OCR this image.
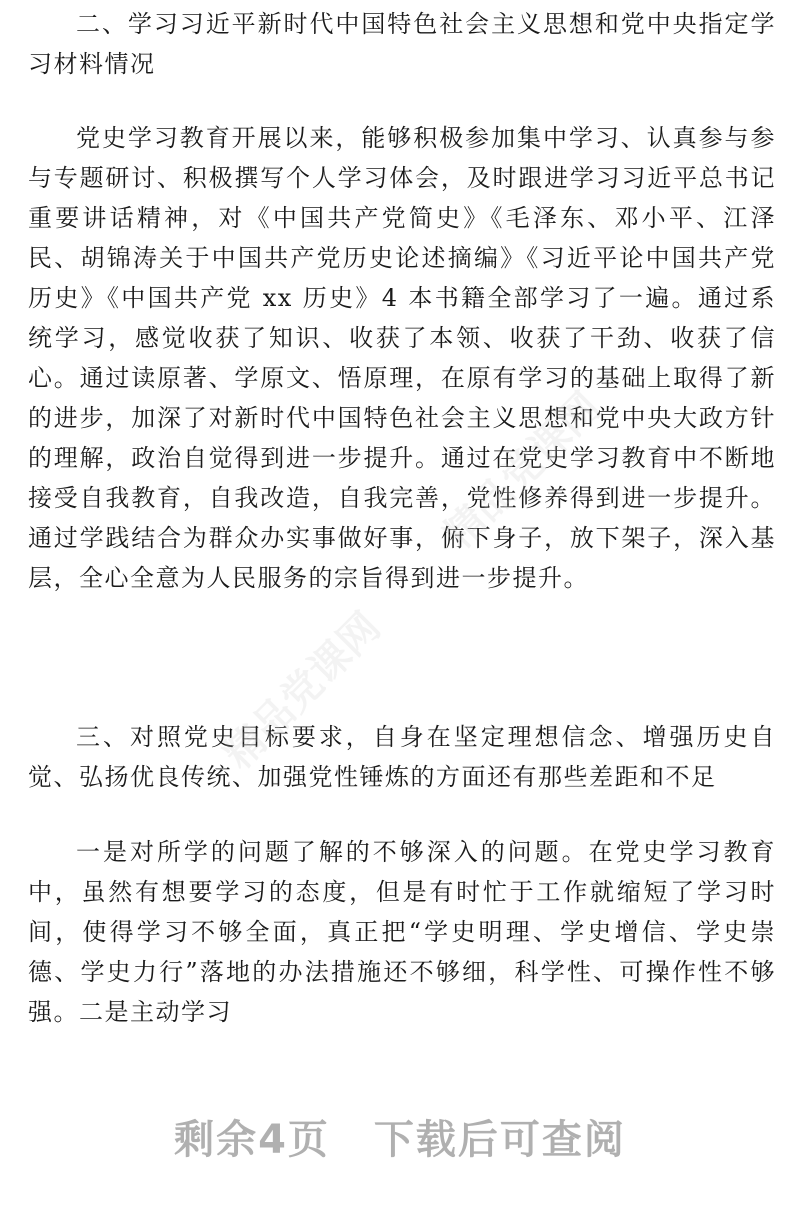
二、学习习近平新时代中国特色社会主义思想和党中央指定学习材料情况

党史学习教育开展以来，能够积极参加集中学习、认真参与参与专题研讨、积极撰写个人学习体会，及时跟进学习习近平总书记重要讲话精神，对《中国共产党简史》《毛泽东、邓小平、江泽民、胡锦涛关于中国共产党历史论述摘编》《习近平论中国共产党历史》《中国共产党 xx 历史》4 本书籍全部学习了一遍。通过系统学习，感觉收获了知识、收获了本领、收获了干劲、收获了信心。通过读原著、学原文、悟原理，在原有学习的基础上取得了新的进步，加深了对新时代中国特色社会主义思想和党中央大政方针的理解，政治自觉得到进一步提升。通过在党史学习教育中不断地接受自我教育，自我改造，自我完善，党性修养得到进一步提升。通过学践结合为群众办实事做好事，俯下身子，放下架子，深入基层，全心全意为人民服务的宗旨得到进一步提升。

三、对照党史目标要求，自身在坚定理想信念、增强历史自觉、弘扬优良传统、加强党性锤炼的方面还有那些差距和不足

一是对所学的问题了解的不够深入的问题。在党史学习教育中，虽然有想要学习的态度，但是有时忙于工作就缩短了学习时间，使得学习不够全面，真正把“学史明理、学史增信、学史崇德、学史力行”落地的办法措施还不够细，科学性、可操作性不够强。二是主动学习

精品党课网
精品党课网
剩余4页 下载后可查阅
